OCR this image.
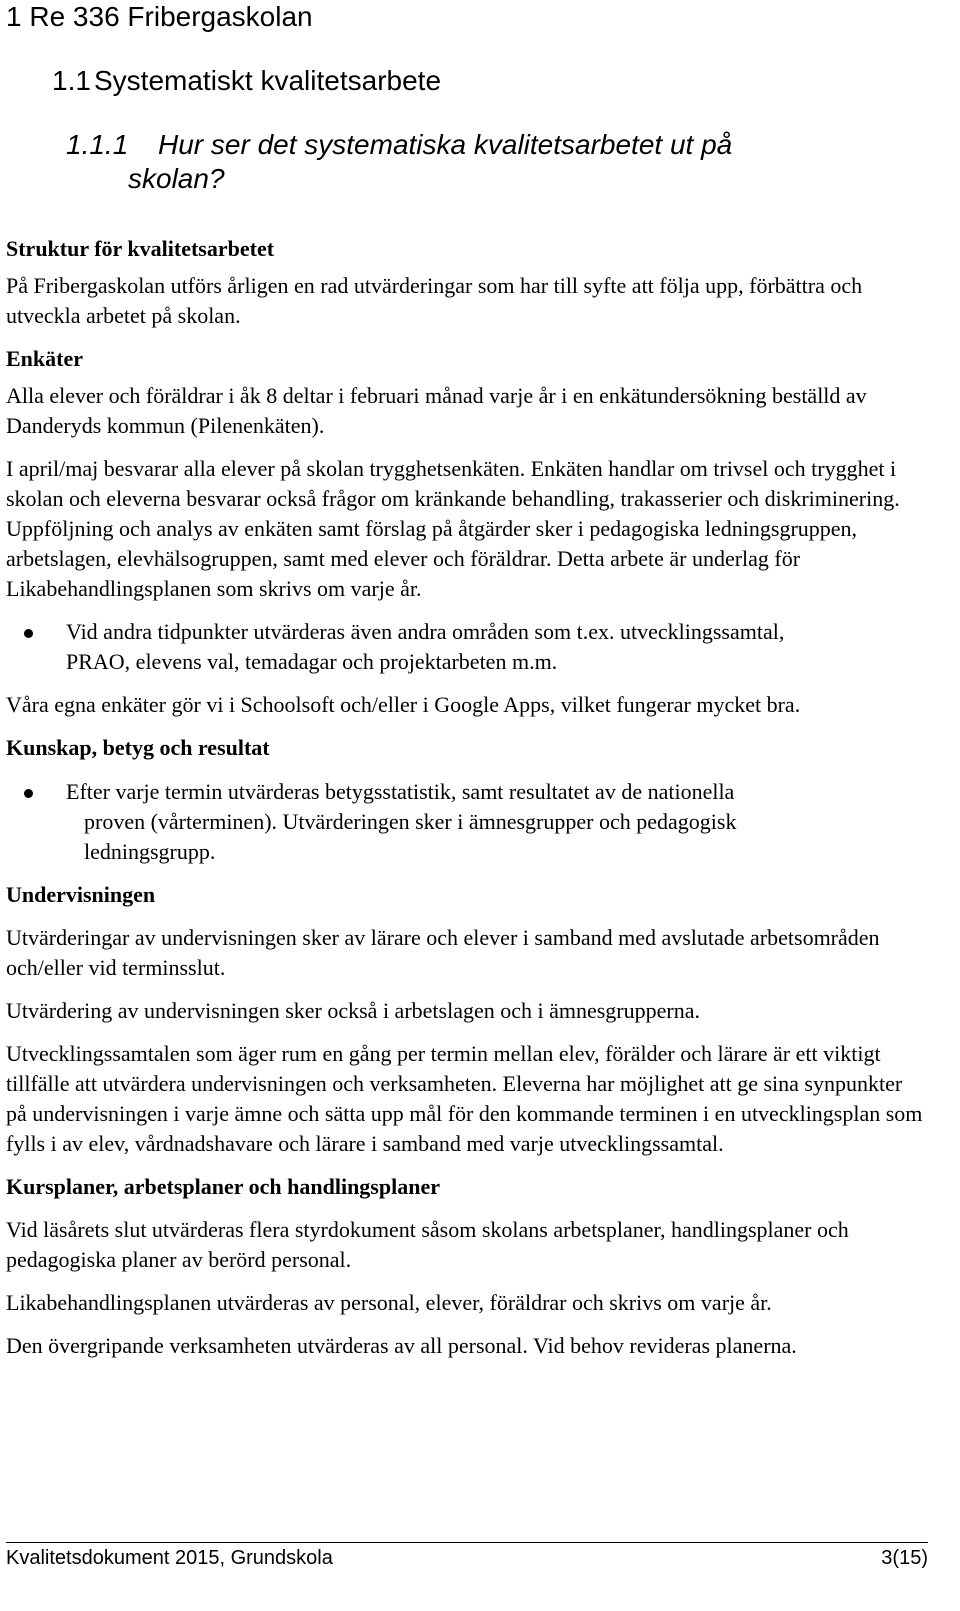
1 Re 336 Fribergaskolan
1.1 Systematiskt kvalitetsarbete
1.1.1 Hur ser det systematiska kvalitetsarbetet ut på
skolan?
Struktur för kvalitetsarbetet

På Fribergaskolan utförs årligen en rad utvärderingar som har till syfte att följa upp, förbättra och utveckla arbetet på skolan.

Enkäter

Alla elever och föräldrar i åk 8 deltar i februari månad varje år i en enkätundersökning beställd av Danderyds kommun (Pilenenkäten).

I april/maj besvarar alla elever på skolan trygghetsenkäten. Enkäten handlar om trivsel och trygghet i skolan och eleverna besvarar också frågor om kränkande behandling, trakasserier och diskriminering. Uppföljning och analys av enkäten samt förslag på åtgärder sker i pedagogiska ledningsgruppen, arbetslagen, elevhälsogruppen, samt med elever och föräldrar. Detta arbete är underlag för Likabehandlingsplanen som skrivs om varje år.

Vid andra tidpunkter utvärderas även andra områden som t.ex. utvecklingssamtal,
PRAO, elevens val, temadagar och projektarbeten m.m.

Våra egna enkäter gör vi i Schoolsoft och/eller i Google Apps, vilket fungerar mycket bra.

Kunskap, betyg och resultat
Efter varje termin utvärderas betygsstatistik, samt resultatet av de nationella
proven (vårterminen). Utvärderingen sker i ämnesgrupper och pedagogisk
ledningsgrupp.
Undervisningen

Utvärderingar av undervisningen sker av lärare och elever i samband med avslutade arbetsområden och/eller vid terminsslut.

Utvärdering av undervisningen sker också i arbetslagen och i ämnesgrupperna.

Utvecklingssamtalen som äger rum en gång per termin mellan elev, förälder och lärare är ett viktigt tillfälle att utvärdera undervisningen och verksamheten. Eleverna har möjlighet att ge sina synpunkter på undervisningen i varje ämne och sätta upp mål för den kommande terminen i en utvecklingsplan som fylls i av elev, vårdnadshavare och lärare i samband med varje utvecklingssamtal.

Kursplaner, arbetsplaner och handlingsplaner

Vid läsårets slut utvärderas flera styrdokument såsom skolans arbetsplaner, handlingsplaner och pedagogiska planer av berörd personal.

Likabehandlingsplanen utvärderas av personal, elever, föräldrar och skrivs om varje år.

Den övergripande verksamheten utvärderas av all personal. Vid behov revideras planerna.

Kvalitetsdokument 2015, Grundskola	3(15)
